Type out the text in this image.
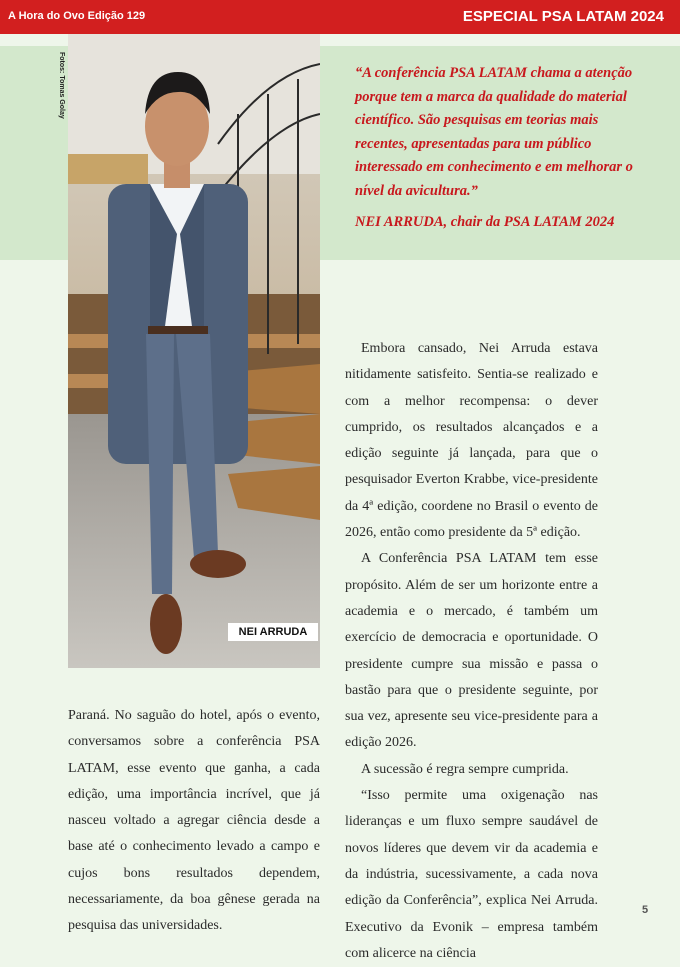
A Hora do Ovo Edição 129	ESPECIAL PSA LATAM 2024
Fotos: Tomas Golay
NEI ARRUDA

“A conferência PSA LATAM chama a atenção porque tem a marca da qualidade do material científico. São pesquisas em teorias mais recentes, apresentadas para um público interessado em conhecimento e em melhorar o nível da avicultura.”

NEI ARRUDA, chair da PSA LATAM 2024

Paraná. No saguão do hotel, após o evento, conversamos sobre a conferência PSA LATAM, esse evento que ganha, a cada edição, uma importância incrível, que já nasceu voltado a agregar ciência desde a base até o conhecimento levado a campo e cujos bons resultados dependem, necessariamente, da boa gênese gerada na pesquisa das universidades.

Embora cansado, Nei Arruda estava nitidamente satisfeito. Sentia-se realizado e com a melhor recompensa: o dever cumprido, os resultados alcançados e a edição seguinte já lançada, para que o pesquisador Everton Krabbe, vice-presidente da 4ª edição, coordene no Brasil o evento de 2026, então como presidente da 5ª edição.

A Conferência PSA LATAM tem esse propósito. Além de ser um horizonte entre a academia e o mercado, é também um exercício de democracia e oportunidade. O presidente cumpre sua missão e passa o bastão para que o presidente seguinte, por sua vez, apresente seu vice-presidente para a edição 2026.

A sucessão é regra sempre cumprida.

“Isso permite uma oxigenação nas lideranças e um fluxo sempre saudável de novos líderes que devem vir da academia e da indústria, sucessivamente, a cada nova edição da Conferência”, explica Nei Arruda. Executivo da Evonik – empresa também com alicerce na ciência

5
